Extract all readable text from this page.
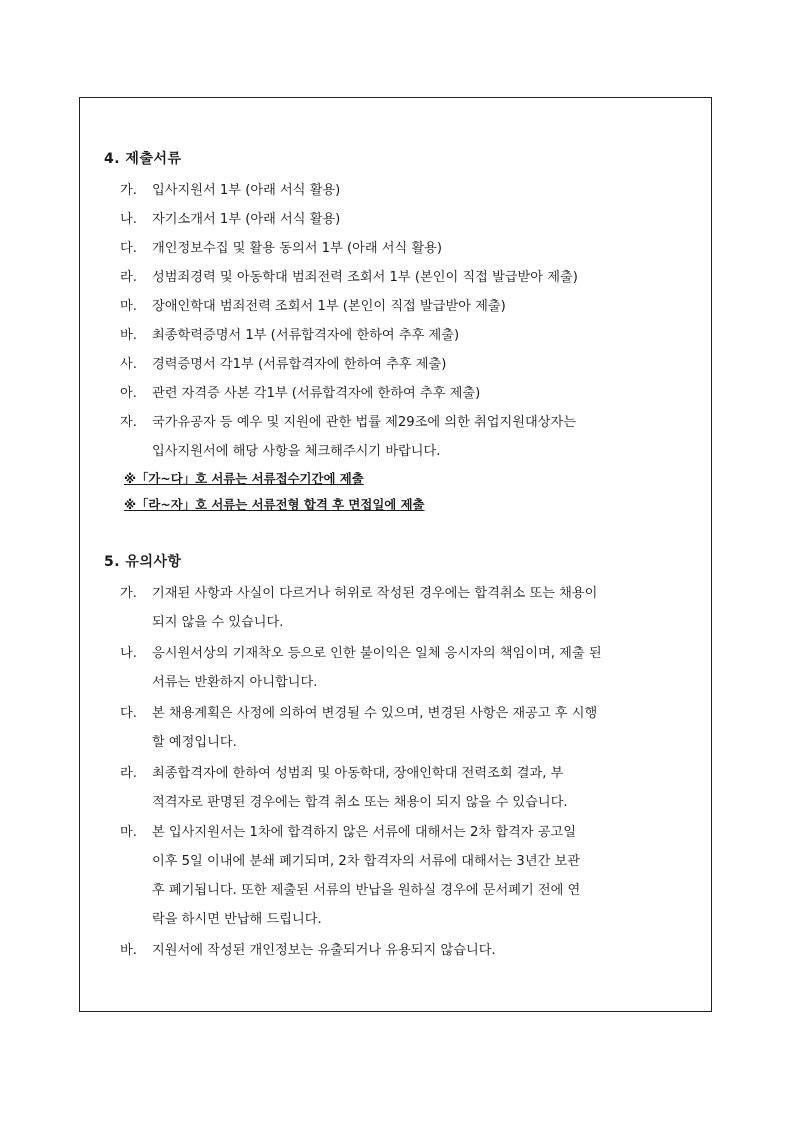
4. 제출서류
가. 입사지원서 1부 (아래 서식 활용)
나. 자기소개서 1부 (아래 서식 활용)
다. 개인정보수집 및 활용 동의서 1부 (아래 서식 활용)
라. 성범죄경력 및 아동학대 범죄전력 조회서 1부 (본인이 직접 발급받아 제출)
마. 장애인학대 범죄전력 조회서 1부 (본인이 직접 발급받아 제출)
바. 최종학력증명서 1부 (서류합격자에 한하여 추후 제출)
사. 경력증명서 각1부 (서류합격자에 한하여 추후 제출)
아. 관련 자격증 사본 각1부 (서류합격자에 한하여 추후 제출)
자. 국가유공자 등 예우 및 지원에 관한 법률 제29조에 의한 취업지원대상자는
입사지원서에 해당 사항을 체크해주시기 바랍니다.
※「가~다」호 서류는 서류접수기간에 제출
※「라~자」호 서류는 서류전형 합격 후 면접일에 제출
5. 유의사항
가. 기재된 사항과 사실이 다르거나 허위로 작성된 경우에는 합격취소 또는 채용이
되지 않을 수 있습니다.
나. 응시원서상의 기재착오 등으로 인한 불이익은 일체 응시자의 책임이며, 제출 된
서류는 반환하지 아니합니다.
다. 본 채용계획은 사정에 의하여 변경될 수 있으며, 변경된 사항은 재공고 후 시행
할 예정입니다.
라. 최종합격자에 한하여 성범죄 및 아동학대, 장애인학대 전력조회 결과, 부
적격자로 판명된 경우에는 합격 취소 또는 채용이 되지 않을 수 있습니다.
마. 본 입사지원서는 1차에 합격하지 않은 서류에 대해서는 2차 합격자 공고일
이후 5일 이내에 분쇄 폐기되며, 2차 합격자의 서류에 대해서는 3년간 보관
후 폐기됩니다. 또한 제출된 서류의 반납을 원하실 경우에 문서폐기 전에 연
락을 하시면 반납해 드립니다.
바. 지원서에 작성된 개인정보는 유출되거나 유용되지 않습니다.
